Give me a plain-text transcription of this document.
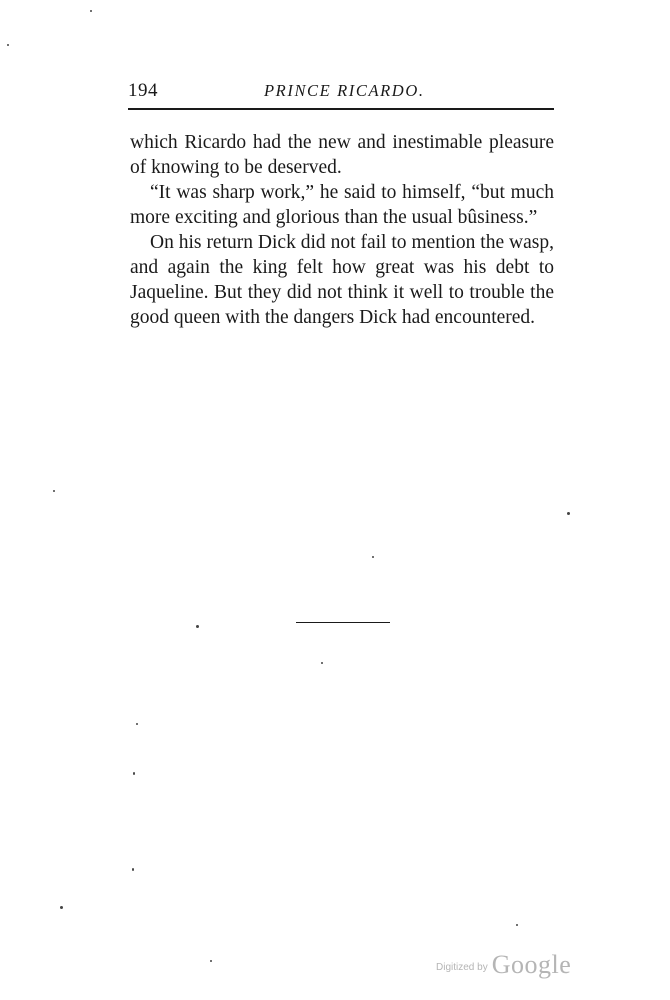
194	PRINCE RICARDO.

which Ricardo had the new and inestimable pleasure of knowing to be deserved.

“It was sharp work,” he said to himself, “but much more exciting and glorious than the usual bûsiness.”

On his return Dick did not fail to mention the wasp, and again the king felt how great was his debt to Jaqueline. But they did not think it well to trouble the good queen with the dangers Dick had encountered.

Digitized by Google
